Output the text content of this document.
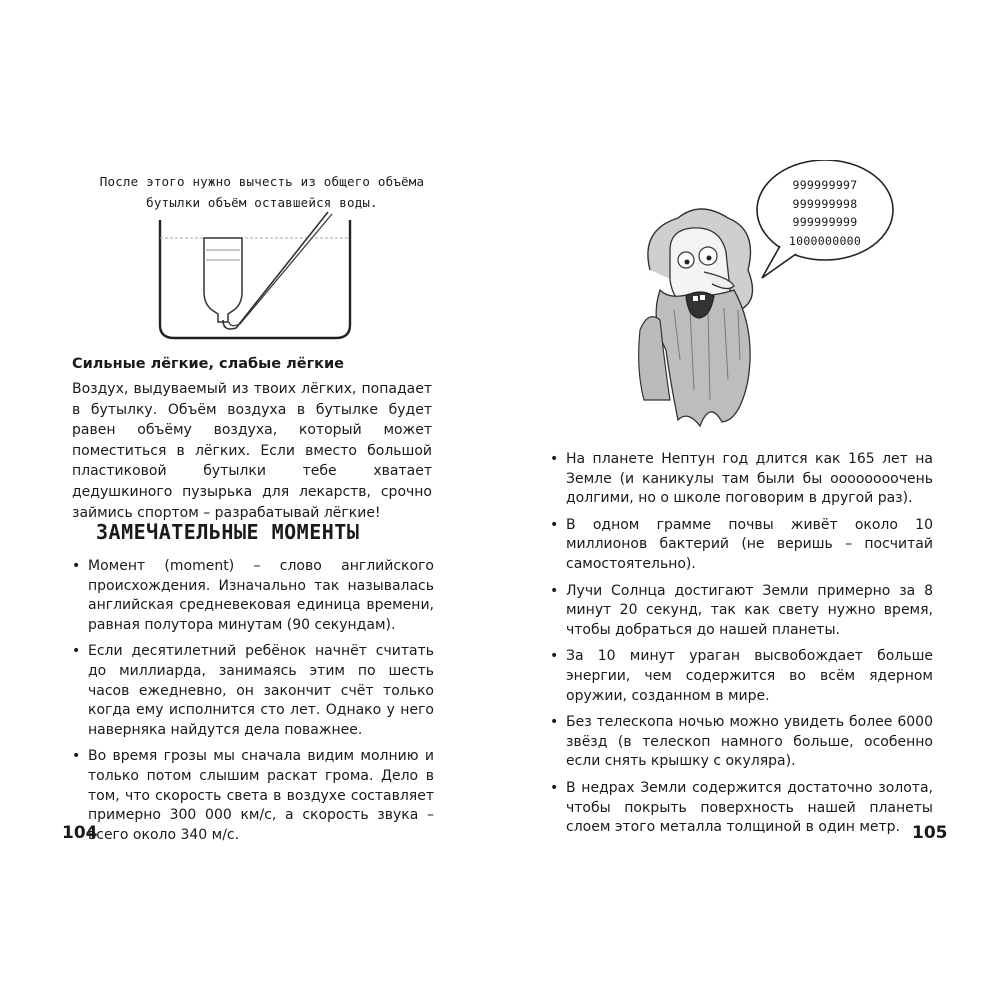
После этого нужно вычесть из общего объёма бутылки объём оставшейся воды.
Сильные лёгкие, слабые лёгкие
Воздух, выдуваемый из твоих лёгких, попадает в бутылку. Объём воздуха в бутылке будет равен объёму воздуха, который может поместиться в лёгких. Если вместо большой пластиковой бутылки тебе хватает дедушкиного пузырька для лекарств, срочно займись спортом – разрабатывай лёгкие!
ЗАМЕЧАТЕЛЬНЫЕ МОМЕНТЫ
• Момент (moment) – слово английского происхождения. Изначально так называлась английская средневековая единица времени, равная полутора минутам (90 секундам).
• Если десятилетний ребёнок начнёт считать до миллиарда, занимаясь этим по шесть часов ежедневно, он закончит счёт только когда ему исполнится сто лет. Однако у него наверняка найдутся дела поважнее.
• Во время грозы мы сначала видим молнию и только потом слышим раскат грома. Дело в том, что скорость света в воздухе составляет примерно 300 000 км/с, а скорость звука – всего около 340 м/с.
104
999999997
999999998
999999999
1000000000
• На планете Нептун год длится как 165 лет на Земле (и каникулы там были бы оооооооочень долгими, но о школе поговорим в другой раз).
• В одном грамме почвы живёт около 10 миллионов бактерий (не веришь – посчитай самостоятельно).
• Лучи Солнца достигают Земли примерно за 8 минут 20 секунд, так как свету нужно время, чтобы добраться до нашей планеты.
• За 10 минут ураган высвобождает больше энергии, чем содержится во всём ядерном оружии, созданном в мире.
• Без телескопа ночью можно увидеть более 6000 звёзд (в телескоп намного больше, особенно если снять крышку с окуляра).
• В недрах Земли содержится достаточно золота, чтобы покрыть поверхность нашей планеты слоем этого металла толщиной в один метр. 105
